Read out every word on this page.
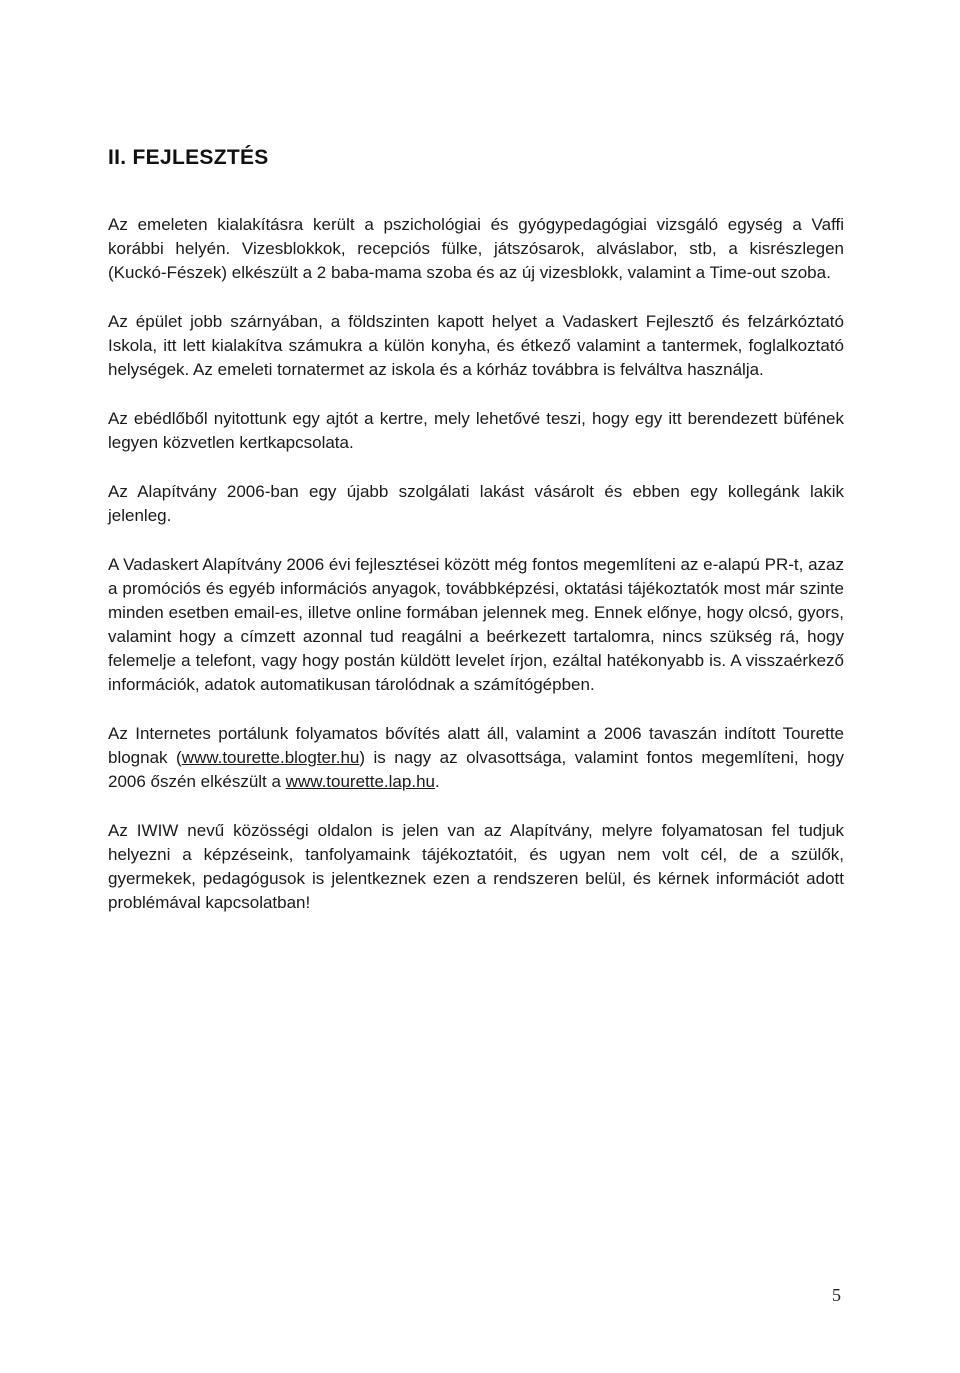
II. FEJLESZTÉS

Az emeleten kialakításra került a pszichológiai és gyógypedagógiai vizsgáló egység a Vaffi korábbi helyén. Vizesblokkok, recepciós fülke, játszósarok, alváslabor, stb, a kisrészlegen (Kuckó-Fészek) elkészült a 2 baba-mama szoba és az új vizesblokk, valamint a Time-out szoba.

Az épület jobb szárnyában, a földszinten kapott helyet a Vadaskert Fejlesztő és felzárkóztató Iskola, itt lett kialakítva számukra a külön konyha, és étkező valamint a tantermek, foglalkoztató helységek. Az emeleti tornatermet az iskola és a kórház továbbra is felváltva használja.

Az ebédlőből nyitottunk egy ajtót a kertre, mely lehetővé teszi, hogy egy itt berendezett büfének legyen közvetlen kertkapcsolata.

Az Alapítvány 2006-ban egy újabb szolgálati lakást vásárolt és ebben egy kollegánk lakik jelenleg.

A Vadaskert Alapítvány 2006 évi fejlesztései között még fontos megemlíteni az e-alapú PR-t, azaz a promóciós és egyéb információs anyagok, továbbképzési, oktatási tájékoztatók most már szinte minden esetben email-es, illetve online formában jelennek meg. Ennek előnye, hogy olcsó, gyors, valamint hogy a címzett azonnal tud reagálni a beérkezett tartalomra, nincs szükség rá, hogy felemelje a telefont, vagy hogy postán küldött levelet írjon, ezáltal hatékonyabb is. A visszaérkező információk, adatok automatikusan tárolódnak a számítógépben.

Az Internetes portálunk folyamatos bővítés alatt áll, valamint a 2006 tavaszán indított Tourette blognak (www.tourette.blogter.hu) is nagy az olvasottsága, valamint fontos megemlíteni, hogy 2006 őszén elkészült a www.tourette.lap.hu.

Az IWIW nevű közösségi oldalon is jelen van az Alapítvány, melyre folyamatosan fel tudjuk helyezni a képzéseink, tanfolyamaink tájékoztatóit, és ugyan nem volt cél, de a szülők, gyermekek, pedagógusok is jelentkeznek ezen a rendszeren belül, és kérnek információt adott problémával kapcsolatban!

5
